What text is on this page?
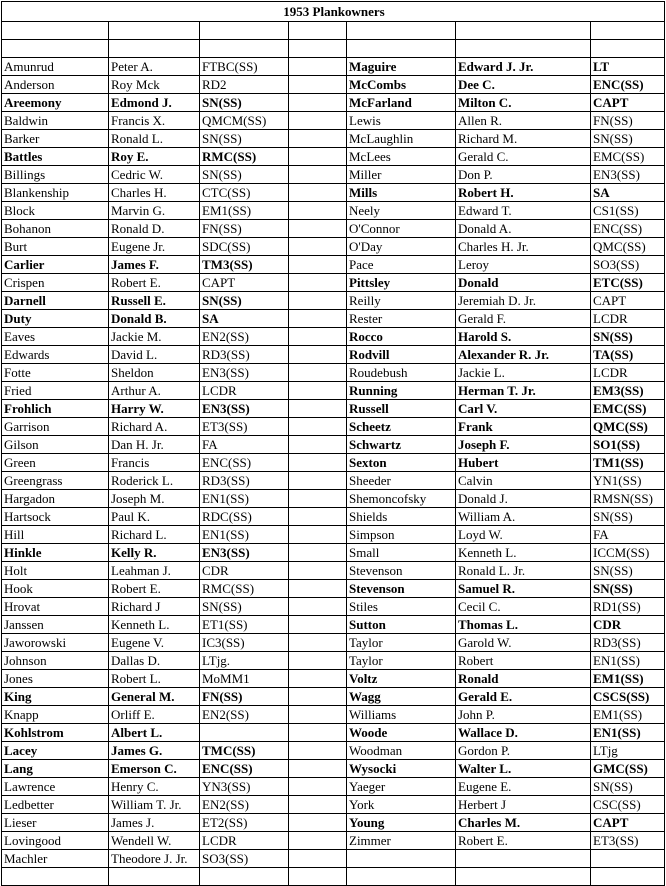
1953 Plankowners						

Amunrud	Peter A.	FTBC(SS)		Maguire	Edward J. Jr.	LT
Anderson	Roy Mck	RD2		McCombs	Dee C.	ENC(SS)
Areemony	Edmond J.	SN(SS)		McFarland	Milton C.	CAPT
Baldwin	Francis X.	QMCM(SS)		Lewis	Allen R.	FN(SS)
Barker	Ronald L.	SN(SS)		McLaughlin	Richard M.	SN(SS)
Battles	Roy E.	RMC(SS)		McLees	Gerald C.	EMC(SS)
Billings	Cedric W.	SN(SS)		Miller	Don P.	EN3(SS)
Blankenship	Charles H.	CTC(SS)		Mills	Robert H.	SA
Block	Marvin G.	EM1(SS)		Neely	Edward T.	CS1(SS)
Bohanon	Ronald D.	FN(SS)		O'Connor	Donald A.	ENC(SS)
Burt	Eugene Jr.	SDC(SS)		O'Day	Charles H. Jr.	QMC(SS)
Carlier	James F.	TM3(SS)		Pace	Leroy	SO3(SS)
Crispen	Robert E.	CAPT		Pittsley	Donald	ETC(SS)
Darnell	Russell E.	SN(SS)		Reilly	Jeremiah D. Jr.	CAPT
Duty	Donald B.	SA		Rester	Gerald F.	LCDR
Eaves	Jackie M.	EN2(SS)		Rocco	Harold S.	SN(SS)
Edwards	David L.	RD3(SS)		Rodvill	Alexander R. Jr.	TA(SS)
Fotte	Sheldon	EN3(SS)		Roudebush	Jackie L.	LCDR
Fried	Arthur A.	LCDR		Running	Herman T. Jr.	EM3(SS)
Frohlich	Harry W.	EN3(SS)		Russell	Carl V.	EMC(SS)
Garrison	Richard A.	ET3(SS)		Scheetz	Frank	QMC(SS)
Gilson	Dan H. Jr.	FA		Schwartz	Joseph F.	SO1(SS)
Green	Francis	ENC(SS)		Sexton	Hubert	TM1(SS)
Greengrass	Roderick L.	RD3(SS)		Sheeder	Calvin	YN1(SS)
Hargadon	Joseph M.	EN1(SS)		Shemoncofsky	Donald J.	RMSN(SS)
Hartsock	Paul K.	RDC(SS)		Shields	William A.	SN(SS)
Hill	Richard L.	EN1(SS)		Simpson	Loyd W.	FA
Hinkle	Kelly R.	EN3(SS)		Small	Kenneth L.	ICCM(SS)
Holt	Leahman J.	CDR		Stevenson	Ronald L. Jr.	SN(SS)
Hook	Robert E.	RMC(SS)		Stevenson	Samuel R.	SN(SS)
Hrovat	Richard J	SN(SS)		Stiles	Cecil C.	RD1(SS)
Janssen	Kenneth L.	ET1(SS)		Sutton	Thomas L.	CDR
Jaworowski	Eugene V.	IC3(SS)		Taylor	Garold W.	RD3(SS)
Johnson	Dallas D.	LTjg.		Taylor	Robert	EN1(SS)
Jones	Robert L.	MoMM1		Voltz	Ronald	EM1(SS)
King	General M.	FN(SS)		Wagg	Gerald E.	CSCS(SS)
Knapp	Orliff E.	EN2(SS)		Williams	John P.	EM1(SS)
Kohlstrom	Albert L.			Woode	Wallace D.	EN1(SS)
Lacey	James G.	TMC(SS)		Woodman	Gordon P.	LTjg
Lang	Emerson C.	ENC(SS)		Wysocki	Walter L.	GMC(SS)
Lawrence	Henry C.	YN3(SS)		Yaeger	Eugene E.	SN(SS)
Ledbetter	William T. Jr.	EN2(SS)		York	Herbert J	CSC(SS)
Lieser	James J.	ET2(SS)		Young	Charles M.	CAPT
Lovingood	Wendell W.	LCDR		Zimmer	Robert E.	ET3(SS)
Machler	Theodore J. Jr.	SO3(SS)				
